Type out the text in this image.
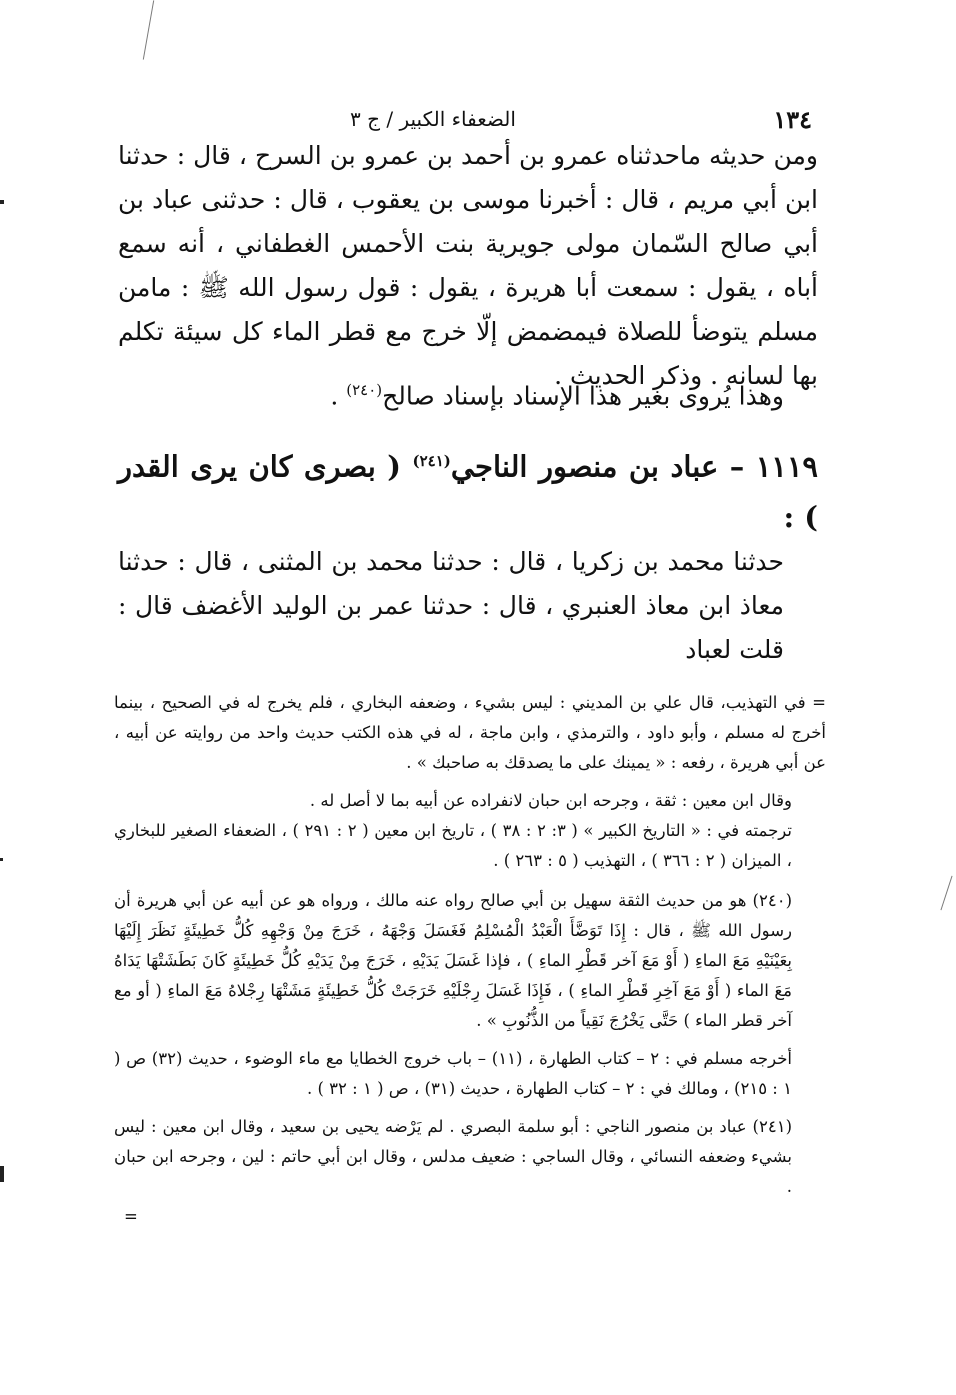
١٣٤
الضعفاء الكبير / ج ٣

ومن حديثه ماحدثناه عمرو بن أحمد بن عمرو بن السرح ، قال : حدثنا ابن أبي مريم ، قال : أخبرنا موسى بن يعقوب ، قال : حدثنى عباد بن أبي صالح السّمان مولى جويرية بنت الأحمس الغطفاني ، أنه سمع أباه ، يقول : سمعت أبا هريرة ، يقول : قول رسول الله ﷺ : مامن مسلم يتوضأ للصلاة فيمضمض إلّا خرج مع قطر الماء كل سيئة تكلم بها لسانه . وذكر الحديث .

وهذا يُروى بغير هذا الإسناد بإسناد صالح$^{(٢٤٠)}$ .

١١١٩ – عباد بن منصور الناجي$^{(٢٤١)}$ ( بصرى كان يرى القدر ) :

حدثنا محمد بن زكريا ، قال : حدثنا محمد بن المثنى ، قال : حدثنا معاذ ابن معاذ العنبري ، قال : حدثنا عمر بن الوليد الأغضف قال : قلت لعباد

= في التهذيب، قال علي بن المديني : ليس بشيء ، وضعفه البخاري ، فلم يخرج له في الصحيح ، بينما أخرج له مسلم ، وأبو داود ، والترمذي ، وابن ماجة ، له في هذه الكتب حديث واحد من روايته عن أبيه ، عن أبي هريرة ، رفعه : « يمينك على ما يصدقك به صاحبك » .

وقال ابن معين : ثقة ، وجرحه ابن حبان لانفراده عن أبيه بما لا أصل له .

ترجمته في : « التاريخ الكبير » ( ٣: ٢ : ٣٨ ) ، تاريخ ابن معين ( ٢ : ٢٩١ ) ، الضعفاء الصغير للبخاري ، الميزان ( ٢ : ٣٦٦ ) ، التهذيب ( ٥ : ٢٦٣ ) .

(٢٤٠) هو من حديث الثقة سهيل بن أبي صالح رواه عنه مالك ، ورواه هو عن أبيه عن أبي هريرة أن رسول الله ﷺ ، قال : إِذَا تَوَضَّأَ الْعَبْدُ الْمُسْلِمُ فَغَسَلَ وَجْهَهُ ، خَرَجَ مِنْ وَجْهِهِ كُلُّ خَطِيئَةٍ نَظَرَ إِلَيْهَا بِعَيْنَيْهِ مَعَ الماءِ ( أَوْ مَعَ آخر قَطْرِ الماءِ ) ، فإذا غَسَلَ يَدَيْهِ ، خَرَجَ مِنْ يَدَيْهِ كُلُّ خَطِيئَةٍ كَانَ بَطَشَتْهَا يَدَاهُ مَعَ الماء ( أَوْ مَعَ آخِرِ قَطْرِ الماءِ ) ، فَإِذَا غَسَلَ رِجْلَيْهِ خَرَجَتْ كُلُّ خَطِيئَةٍ مَشَتْهَا رِجْلاهُ مَعَ الماءِ ( أو مع آخر قطر الماء ) حَتَّى يَخْرُجَ نَقِياً من الذُّنُوبِ » .

أخرجه مسلم في : ٢ – كتاب الطهارة ، (١١) – باب خروج الخطايا مع ماء الوضوء ، حديث (٣٢) ص ( ١ : ٢١٥) ، ومالك في : ٢ – كتاب الطهارة ، حديث (٣١) ، ص ( ١ : ٣٢ ) .

(٢٤١) عباد بن منصور الناجي : أبو سلمة البصري . لم يَرْضه يحيى بن سعيد ، وقال ابن معين : ليس بشيء وضعفه النسائي ، وقال الساجي : ضعيف مدلس ، وقال ابن أبي حاتم : لين ، وجرحه ابن حبان .

=
